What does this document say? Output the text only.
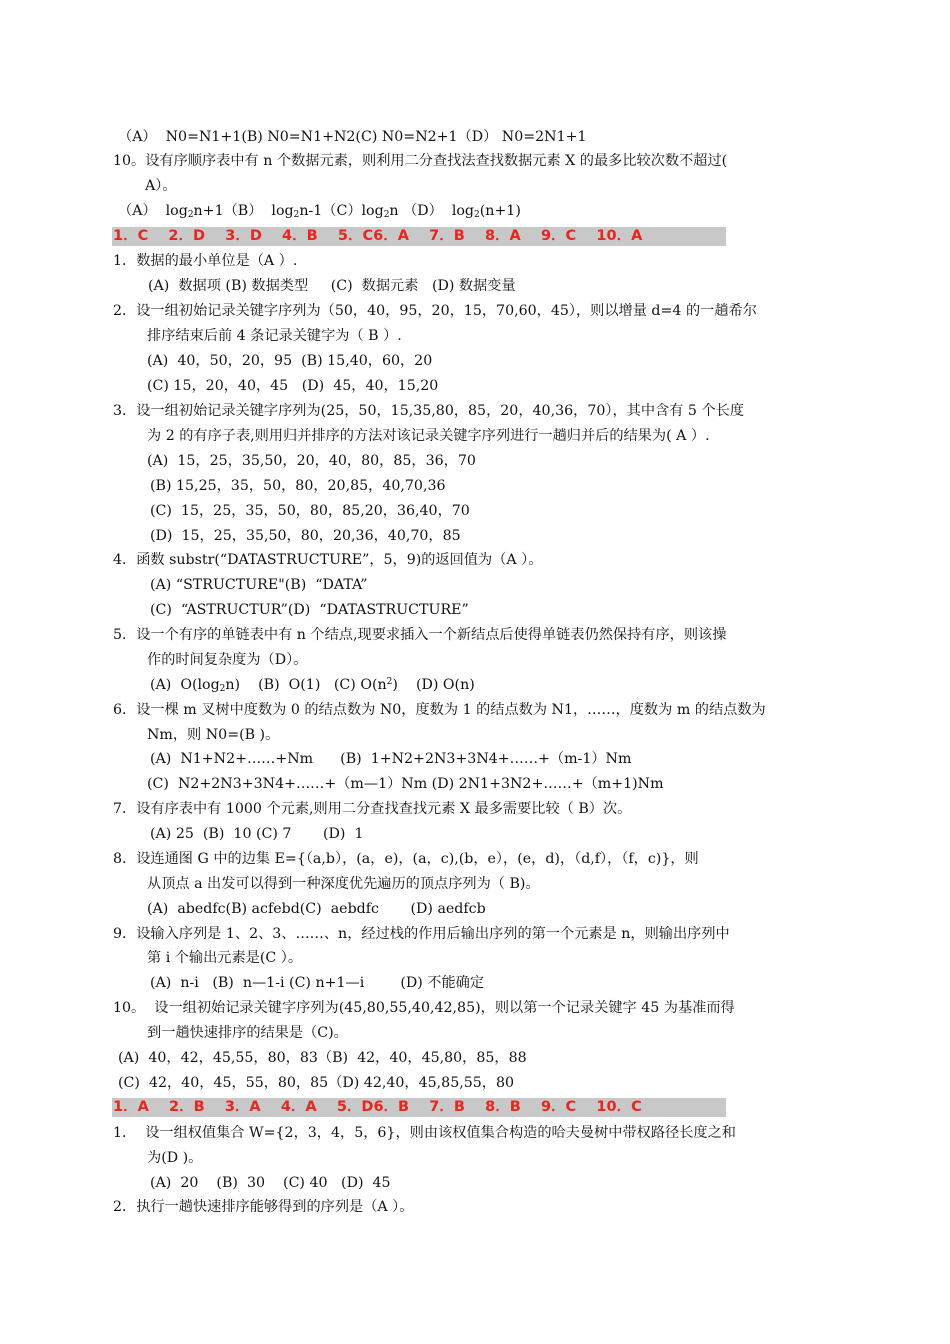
（A）  N0=N1+1(B) N0=N1+N2(C) N0=N2+1（D） N0=2N1+1
10。设有序顺序表中有 n 个数据元素，则利用二分查找法查找数据元素 X 的最多比较次数不超过(
A）。
（A）  $\log_2n+1(B)$  $\log_2n-1(C)\log_2n$ （D）  $\log_2(n+1)$
1．C    2．D    3．D    4．B    5．C6．A    7．B    8．A    9．C    10．A
1．数据的最小单位是（A ）.
(A)  数据项 (B) 数据类型     (C)  数据元素   (D) 数据变量
2．设一组初始记录关键字序列为（50，40，95，20，15，70,60，45），则以增量 d=4 的一趟希尔
排序结束后前 4 条记录关键字为（ B ）.
(A)  40，50，20，95  (B) 15,40，60，20
(C) 15，20，40，45   (D)  45，40，15,20
3．设一组初始记录关键字序列为(25，50，15,35,80，85，20，40,36，70），其中含有 5 个长度
为 2 的有序子表,则用归并排序的方法对该记录关键字序列进行一趟归并后的结果为( A ）.
(A)  15，25，35,50，20，40，80，85，36，70
(B) 15,25，35，50，80，20,85，40,70,36
(C)  15，25，35，50，80，85,20，36,40，70
(D)  15，25，35,50，80，20,36，40,70，85
4．函数 substr(“DATASTRUCTURE”，5，9)的返回值为（A ）。
(A) “STRUCTURE"(B)  “DATA”
(C)  “ASTRUCTUR”(D)  “DATASTRUCTURE”
5．设一个有序的单链表中有 n 个结点,现要求插入一个新结点后使得单链表仍然保持有序，则该操
作的时间复杂度为（D）。
(A)  $O(\log_2n)$    (B)  O(1)   (C) $O(n^2)$    (D) O(n)
6．设一棵 m 叉树中度数为 0 的结点数为 N0，度数为 1 的结点数为 N1，……，度数为 m 的结点数为
Nm，则 N0=(B )。
(A)  N1+N2+……+Nm      (B)  1+N2+2N3+3N4+……+（m-1）Nm
(C)  N2+2N3+3N4+……+（m—1）Nm (D) 2N1+3N2+……+（m+1)Nm
7．设有序表中有 1000 个元素,则用二分查找查找元素 X 最多需要比较（ B）次。
(A) 25  (B)  10 (C) 7       (D)  1
8．设连通图 G 中的边集 E={（a,b），(a，e)，(a，c),(b，e），(e，d)，（d,f），（f，c)}，则
从顶点 a 出发可以得到一种深度优先遍历的顶点序列为（ B)。
(A)  abedfc(B) acfebd(C)  aebdfc       (D) aedfcb
9．设输入序列是 1、2、3、……、n，经过栈的作用后输出序列的第一个元素是 n，则输出序列中
第 i 个输出元素是(C ）。
(A)  n-i   (B)  n—1-i (C) n+1—i        (D) 不能确定
10。  设一组初始记录关键字序列为(45,80,55,40,42,85)，则以第一个记录关键字 45 为基准而得
到一趟快速排序的结果是（C)。
(A)  40，42，45,55，80，83（B)  42，40，45,80，85，88
(C)  42，40，45，55，80，85（D) 42,40，45,85,55，80
1．A    2．B    3．A    4．A    5．D6．B    7．B    8．B    9．C    10．C
1．  设一组权值集合 W={2，3，4，5，6}，则由该权值集合构造的哈夫曼树中带权路径长度之和
为(D )。
(A)  20    (B)  30    (C) 40   (D)  45
2．执行一趟快速排序能够得到的序列是（A ）。
